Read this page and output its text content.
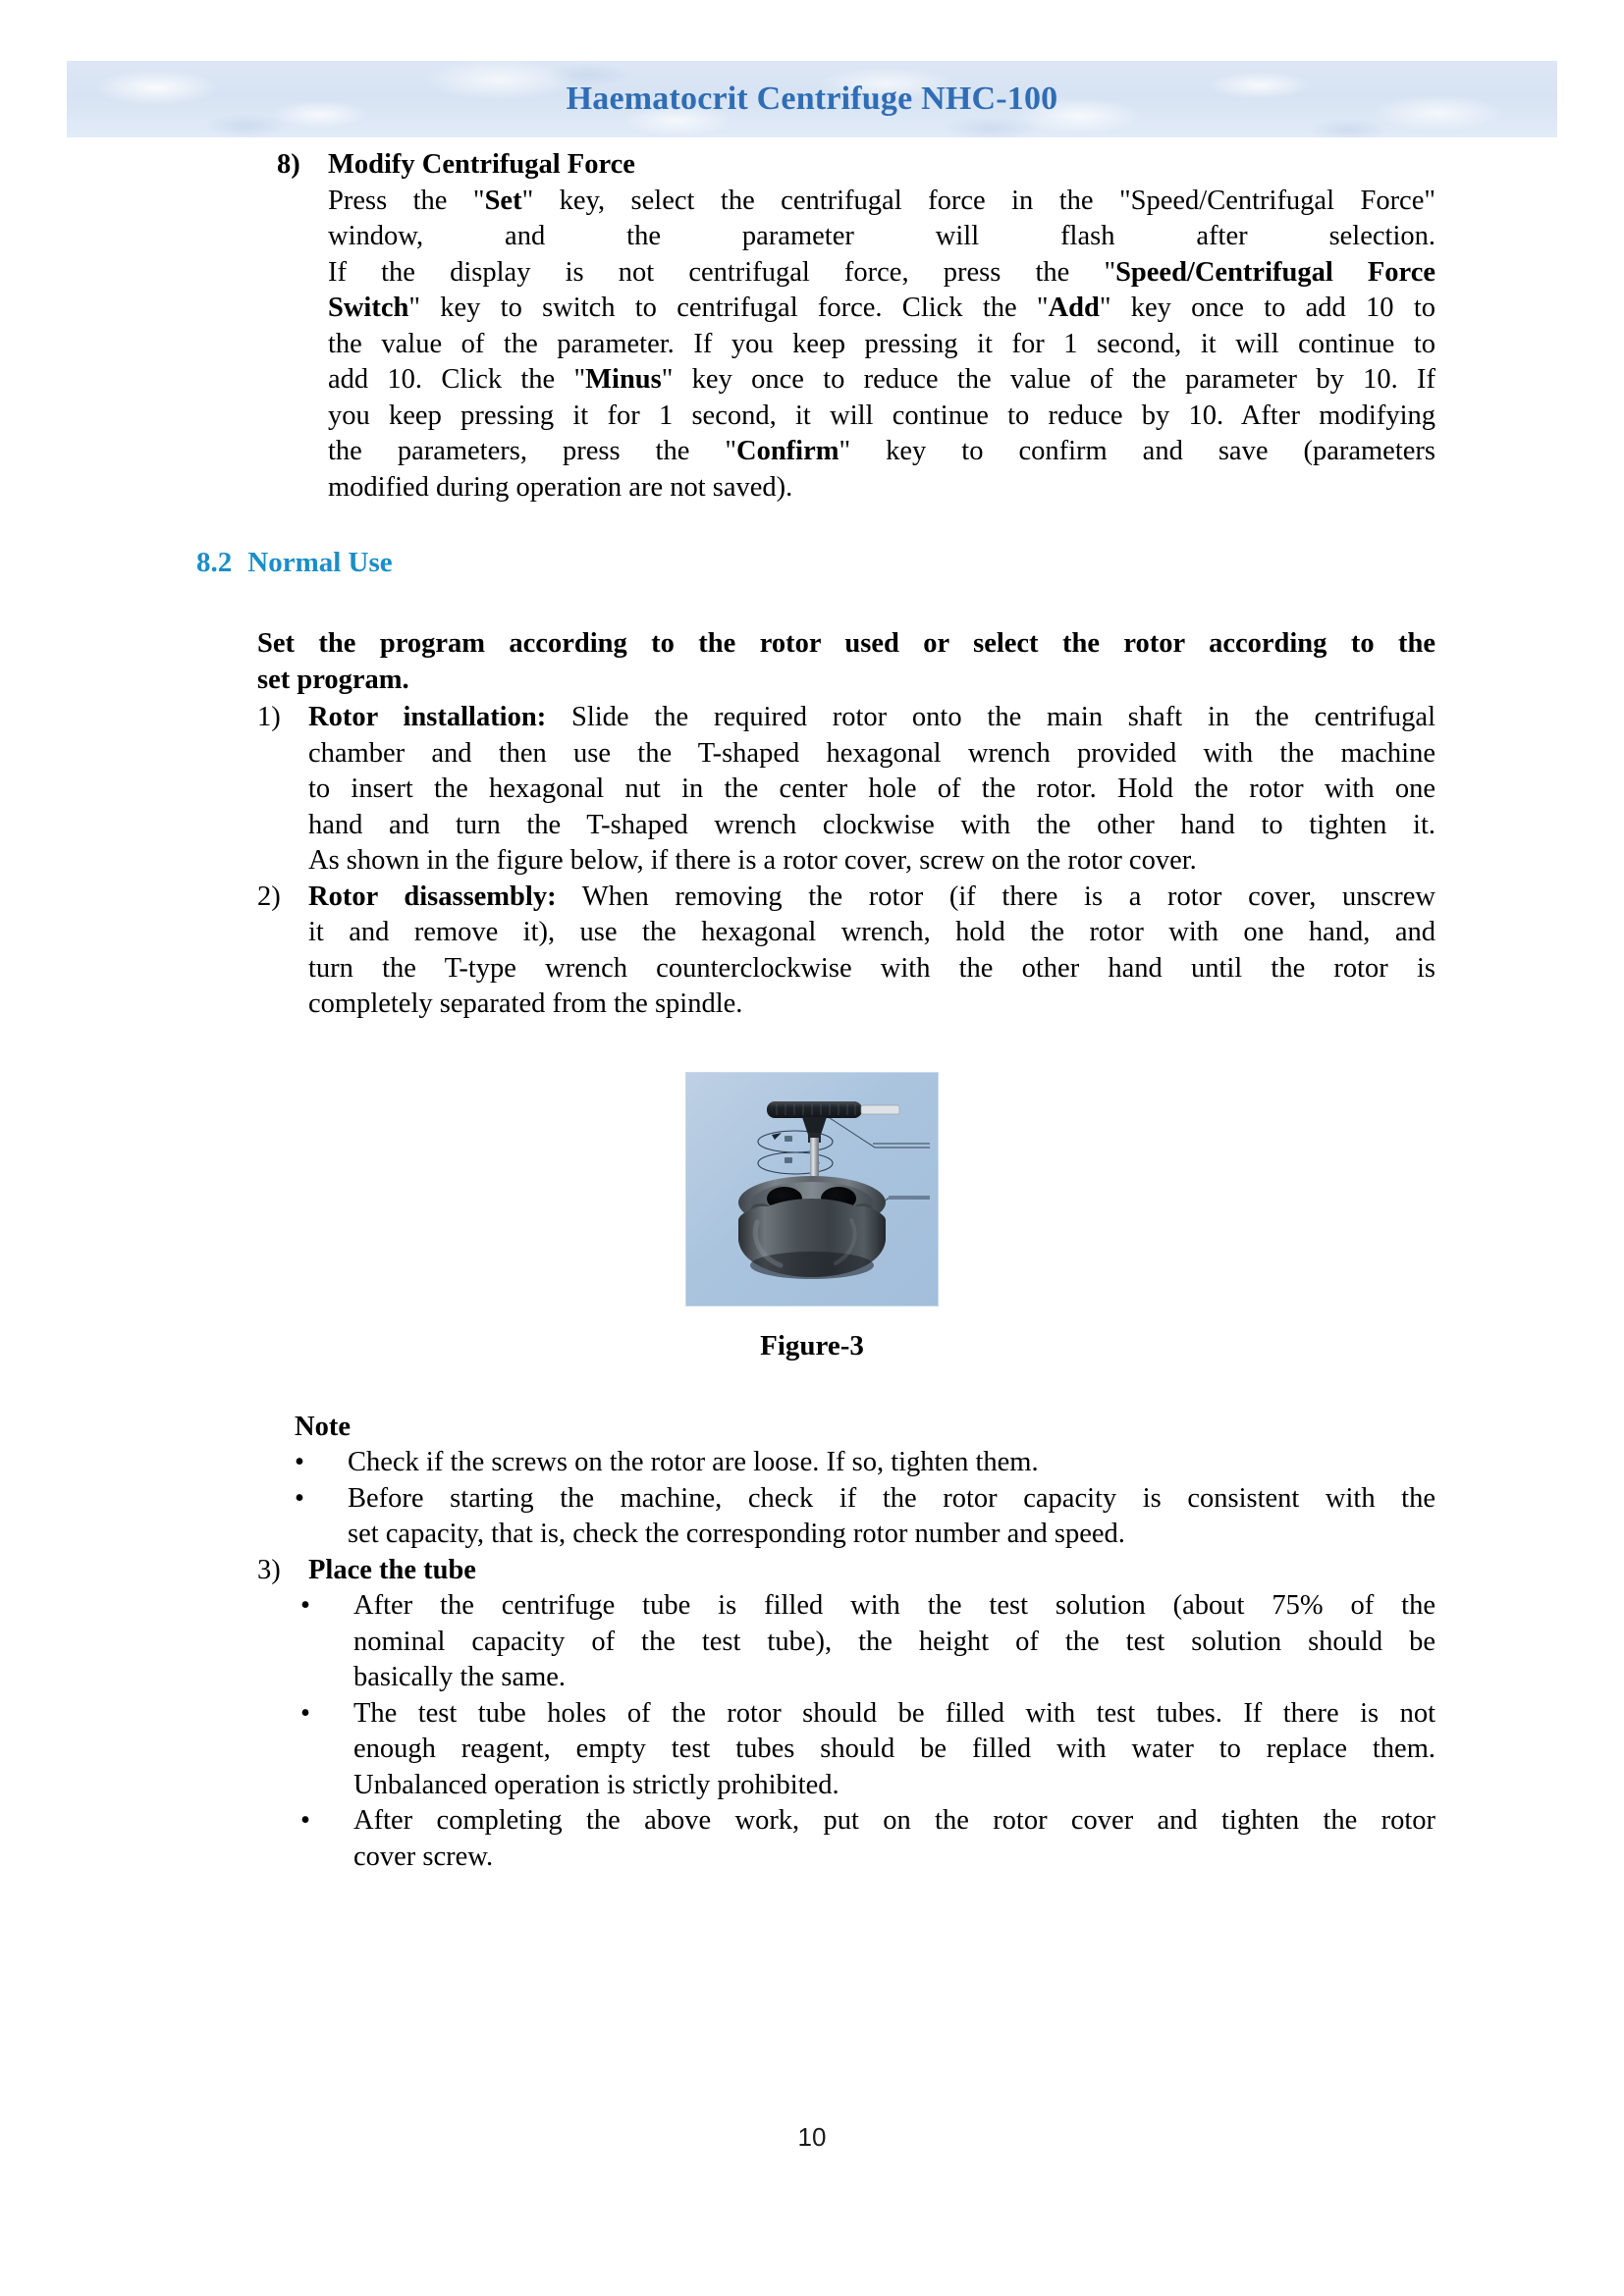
Haematocrit Centrifuge NHC-100
8) Modify Centrifugal Force
Press the "Set" key, select the centrifugal force in the "Speed/Centrifugal Force"
window, and the parameter will flash after selection.
If the display is not centrifugal force, press the "Speed/Centrifugal Force
Switch" key to switch to centrifugal force. Click the "Add" key once to add 10 to
the value of the parameter. If you keep pressing it for 1 second, it will continue to
add 10. Click the "Minus" key once to reduce the value of the parameter by 10. If
you keep pressing it for 1 second, it will continue to reduce by 10. After modifying
the parameters, press the "Confirm" key to confirm and save (parameters
modified during operation are not saved).
8.2 Normal Use
Set the program according to the rotor used or select the rotor according to the
set program.
1) Rotor installation: Slide the required rotor onto the main shaft in the centrifugal
chamber and then use the T-shaped hexagonal wrench provided with the machine
to insert the hexagonal nut in the center hole of the rotor. Hold the rotor with one
hand and turn the T-shaped wrench clockwise with the other hand to tighten it.
As shown in the figure below, if there is a rotor cover, screw on the rotor cover.
2) Rotor disassembly: When removing the rotor (if there is a rotor cover, unscrew
it and remove it), use the hexagonal wrench, hold the rotor with one hand, and
turn the T-type wrench counterclockwise with the other hand until the rotor is
completely separated from the spindle.
Figure-3
Note
•	Check if the screws on the rotor are loose. If so, tighten them.
•	Before starting the machine, check if the rotor capacity is consistent with the
set capacity, that is, check the corresponding rotor number and speed.
3) Place the tube
•	After the centrifuge tube is filled with the test solution (about 75% of the
nominal capacity of the test tube), the height of the test solution should be
basically the same.
•	The test tube holes of the rotor should be filled with test tubes. If there is not
enough reagent, empty test tubes should be filled with water to replace them.
Unbalanced operation is strictly prohibited.
•	After completing the above work, put on the rotor cover and tighten the rotor
cover screw.
10
